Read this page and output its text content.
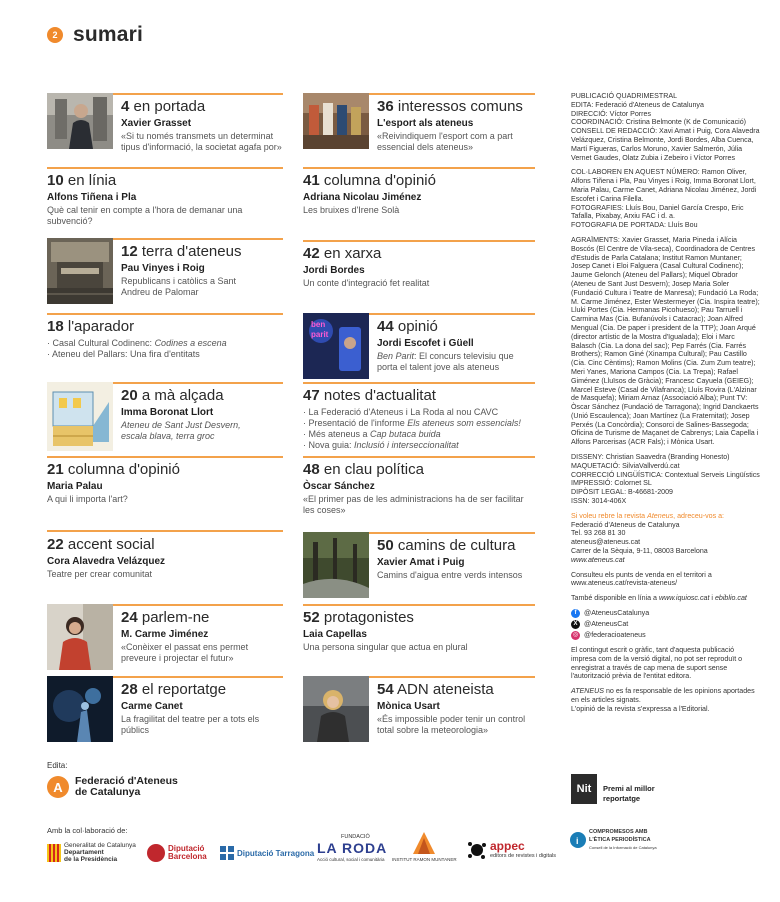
2 sumari
4 en portada
Xavier Grasset
«Si tu només transmets un determinat tipus d'informació, la societat agafa por»
10 en línia
Alfons Tiñena i Pla
Què cal tenir en compte a l'hora de demanar una subvenció?
12 terra d'ateneus
Pau Vinyes i Roig
Republicans i catòlics a Sant Andreu de Palomar
18 l'aparador
· Casal Cultural Codinenc: Codines a escena
· Ateneu del Pallars: Una fira d'entitats
20 a mà alçada
Imma Boronat Llort
Ateneu de Sant Just Desvern, escala blava, terra groc
21 columna d'opinió
Maria Palau
A qui li importa l'art?
22 accent social
Cora Alavedra Velázquez
Teatre per crear comunitat
24 parlem-ne
M. Carme Jiménez
«Conèixer el passat ens permet preveure i projectar el futur»
28 el reportatge
Carme Canet
La fragilitat del teatre per a tots els públics
36 interessos comuns
L'esport als ateneus
«Reivindiquem l'esport com a part essencial dels ateneus»
41 columna d'opinió
Adriana Nicolau Jiménez
Les bruixes d'Irene Solà
42 en xarxa
Jordi Bordes
Un conte d'integració fet realitat
ben
parit	44 opinió
Jordi Escofet i Güell
Ben Parit: El concurs televisiu que porta el talent jove als ateneus
47 notes d'actualitat
· La Federació d'Ateneus i La Roda al nou CAVC
· Presentació de l'informe Els ateneus som essencials!
· Més ateneus a Cap butaca buida
· Nova guia: Inclusió i interseccionalitat
48 en clau política
Òscar Sánchez
«El primer pas de les administracions ha de ser facilitar les coses»
50 camins de cultura
Xavier Amat i Puig
Camins d'aigua entre verds intensos
52 protagonistes
Laia Capellas
Una persona singular que actua en plural
54 ADN ateneista
Mònica Usart
«És impossible poder tenir un control total sobre la meteorologia»

PUBLICACIÓ QUADRIMESTRAL
EDITA: Federació d'Ateneus de Catalunya
DIRECCIÓ: Víctor Porres
COORDINACIÓ: Cristina Belmonte (K de Comunicació)
CONSELL DE REDACCIÓ: Xavi Amat i Puig, Cora Alavedra Velázquez, Cristina Belmonte, Jordi Bordes, Alba Cuenca, Martí Figueras, Carlos Moruno, Xavier Salmerón, Júlia Vernet Gaudes, Olatz Zubia i Zebeiro i Víctor Porres

COL·LABOREN EN AQUEST NÚMERO: Ramon Oliver, Alfons Tiñena i Pla, Pau Vinyes i Roig, Imma Boronat Llort, Maria Palau, Carme Canet, Adriana Nicolau Jiménez, Jordi Escofet i Carina Filella.
FOTOGRAFIES: Lluís Bou, Daniel García Crespo, Eric Tafalla, Pixabay, Arxiu FAC i d. a.
FOTOGRAFIA DE PORTADA: Lluís Bou

AGRAÏMENTS: Xavier Grasset, Maria Pineda i Alícia Boscós (El Centre de Vila-seca), Coordinadora de Centres d'Estudis de Parla Catalana; Institut Ramon Muntaner; Josep Canet i Eloi Falguera (Casal Cultural Codinenc); Jaume Gelonch (Ateneu del Pallars); Miquel Obrador (Ateneu de Sant Just Desvern); Josep Maria Soler (Fundació Cultura i Teatre de Manresa); Fundació La Roda; M. Carme Jiménez, Ester Westermeyer (Cia. Inspira teatre); Lluki Portes (Cia. Hermanas Picohueso); Pau Tarruell i Carmina Mas (Cia. Bufanúvols i Catacrac); Joan Alfred Mengual (Cia. De paper i president de la TTP); Joan Arqué (director artístic de la Mostra d'Igualada); Eloi i Marc Balasch (Cia. La dona del sac); Pep Farrés (Cia. Farrés Brothers); Ramon Giné (Xinampa Cultural); Pau Castillo (Cia. Cinc Cèntims); Ramon Molins (Cia. Zum Zum teatre); Meri Yanes, Mariona Campos (Cia. La Trepa); Rafael Giménez (Lluïsos de Gràcia); Francesc Cayuela (GEIEG); Marcel Esteve (Casal de Vilafranca); Lluís Rovira (L'Alzinar de Masquefa); Miriam Arnaz (Associació Alba); Punt TV: Òscar Sánchez (Fundació de Tarragona); Ingrid Danckaerts (Unió Escaulenca); Joan Martínez (La Fraternitat); Josep Perxés (La Concòrdia); Consorci de Salines-Bassegoda; Oficina de Turisme de Maçanet de Cabrenys; Laia Capella i Alfons Parcerisas (ACR Fals); i Mònica Usart.

DISSENY: Christian Saavedra (Branding Honesto)
MAQUETACIÓ: SilviaVallverdú.cat
CORRECCIÓ LINGÜÍSTICA: Contextual Serveis Lingüístics
IMPRESSIÓ: Colornet SL
DIPÒSIT LEGAL: B-46681-2009
ISSN: 3014-406X

Si voleu rebre la revista Ateneus, adreceu-vos a:
Federació d'Ateneus de Catalunya
Tel. 93 268 81 30
ateneus@ateneus.cat
Carrer de la Sèquia, 9-11, 08003 Barcelona
www.ateneus.cat

Consulteu els punts de venda en el territori a www.ateneus.cat/revista-ateneus/

També disponible en línia a www.iquiosc.cat i ebiblio.cat

f	@AteneusCatalunya
X @AteneusCat
◎ @federacioateneus

El contingut escrit o gràfic, tant d'aquesta publicació impresa com de la versió digital, no pot ser reproduït o enregistrat a través de cap mena de suport sense l'autorització prèvia de l'entitat editora.

ATENEUS no es fa responsable de les opinions aportades en els articles signats.
L'opinió de la revista s'expressa a l'Editorial.

Nit	Premi al millor
reportatge
Edita:
A	Federació d'Ateneus
de Catalunya
Amb la col·laboració de:
Generalitat de Catalunya
Departament
de la Presidència
Diputació
Barcelona	Diputació Tarragona
FUNDACIÓ
LA RODA
Acció cultural, social i comunitària INSTITUT RAMON MUNTANER
appec
editors de revistes i digitals
i
COMPROMESOS AMB
L'ÈTICA PERIODÍSTICA
Consell de la Informació de Catalunya
